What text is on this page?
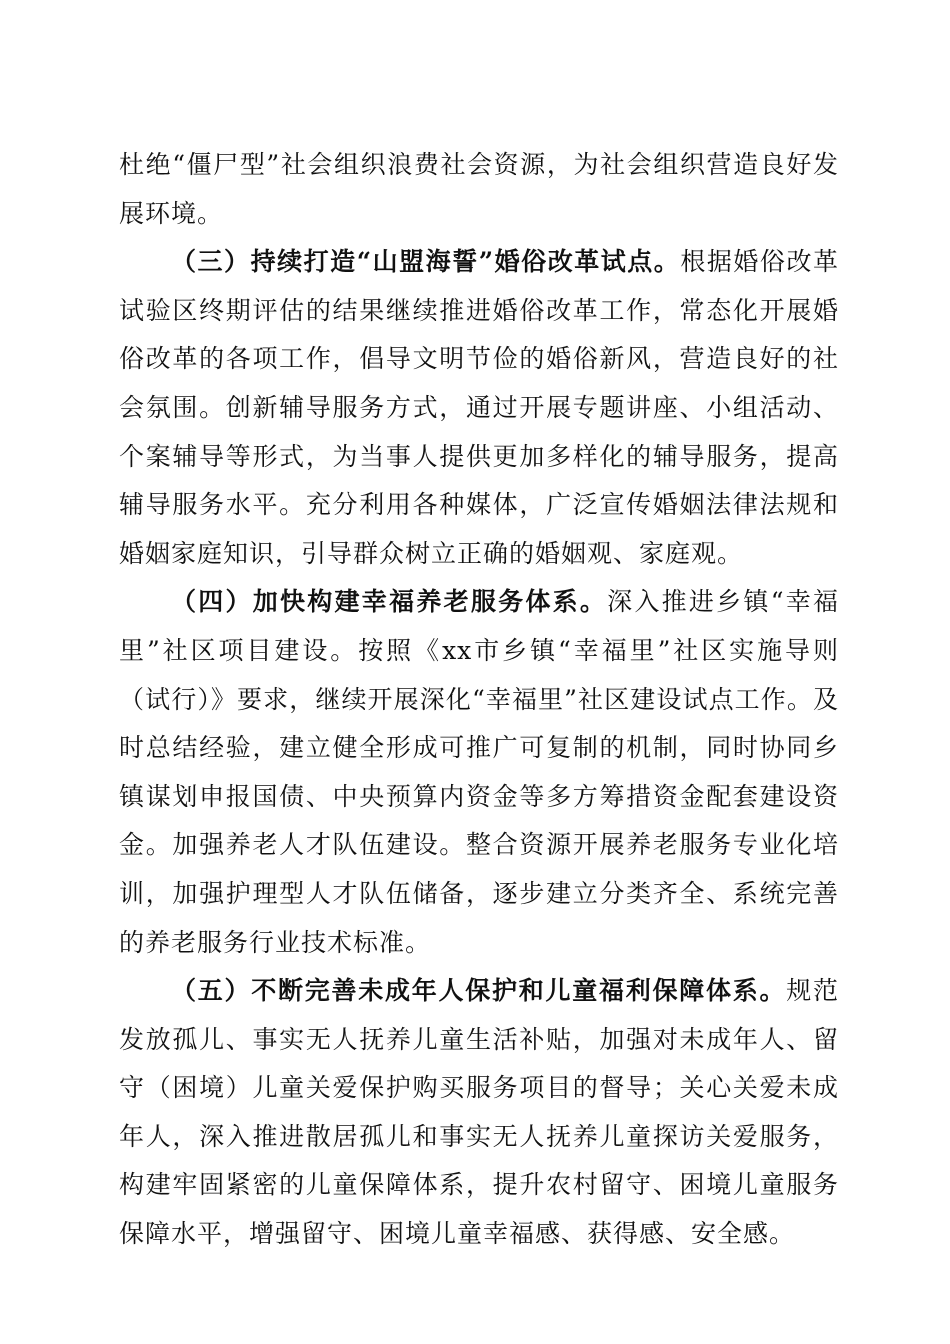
杜绝“僵尸型”社会组织浪费社会资源，为社会组织营造良好发展环境。

（三）持续打造“山盟海誓”婚俗改革试点。根据婚俗改革试验区终期评估的结果继续推进婚俗改革工作，常态化开展婚俗改革的各项工作，倡导文明节俭的婚俗新风，营造良好的社会氛围。创新辅导服务方式，通过开展专题讲座、小组活动、个案辅导等形式，为当事人提供更加多样化的辅导服务，提高辅导服务水平。充分利用各种媒体，广泛宣传婚姻法律法规和婚姻家庭知识，引导群众树立正确的婚姻观、家庭观。

（四）加快构建幸福养老服务体系。深入推进乡镇“幸福里”社区项目建设。按照《xx市乡镇“幸福里”社区实施导则（试行）》要求，继续开展深化“幸福里”社区建设试点工作。及时总结经验，建立健全形成可推广可复制的机制，同时协同乡镇谋划申报国债、中央预算内资金等多方筹措资金配套建设资金。加强养老人才队伍建设。整合资源开展养老服务专业化培训，加强护理型人才队伍储备，逐步建立分类齐全、系统完善的养老服务行业技术标准。

（五）不断完善未成年人保护和儿童福利保障体系。规范发放孤儿、事实无人抚养儿童生活补贴，加强对未成年人、留守（困境）儿童关爱保护购买服务项目的督导；关心关爱未成年人，深入推进散居孤儿和事实无人抚养儿童探访关爱服务，构建牢固紧密的儿童保障体系，提升农村留守、困境儿童服务保障水平，增强留守、困境儿童幸福感、获得感、安全感。
